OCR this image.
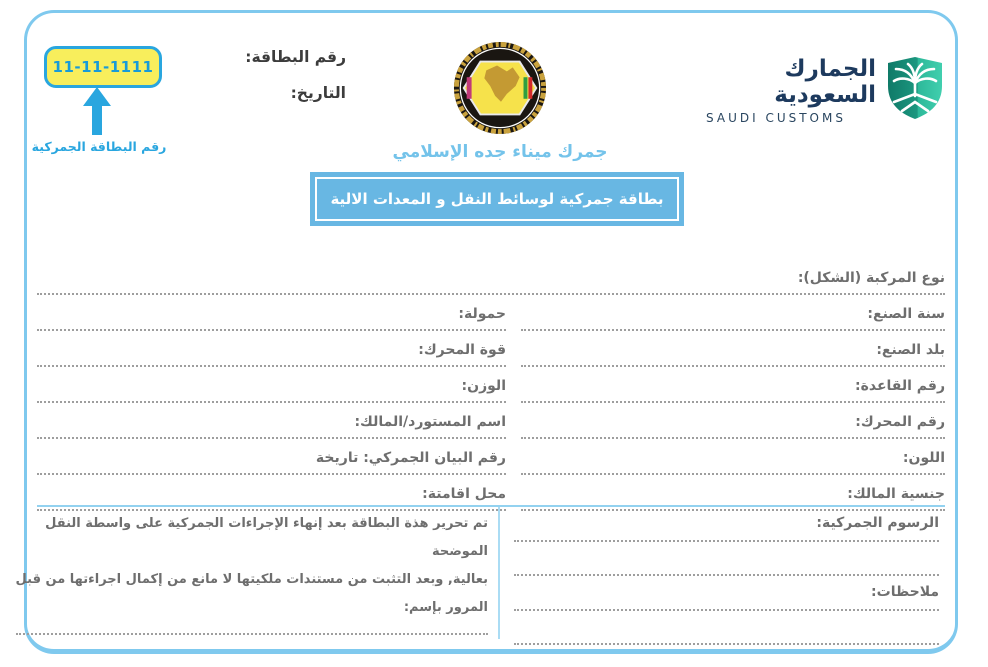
11-11-1111
رقم البطاقة الجمركية
رقم البطاقة:
التاريخ:
الجمارك السعودية
SAUDI CUSTOMS
جمرك ميناء جده الإسلامي
بطاقة جمركية لوسائط النقل و المعدات الالية
نوع المركبة (الشكل):
سنة الصنع:
حمولة:
بلد الصنع:
قوة المحرك:
رقم القاعدة:
الوزن:
رقم المحرك:
اسم المستورد/المالك:
اللون:
رقم البيان الجمركي: تاريخة
جنسية المالك:
محل اقامتة:
الرسوم الجمركية:
ملاحظات:
تم تحرير هذة البطاقة بعد إنهاء الإجراءات الجمركية على واسطة النقل
الموضحة
بعالية, وبعد التثبت من مستندات ملكيتها لا مانع من إكمال اجراءتها من قبل
المرور بإسم:
